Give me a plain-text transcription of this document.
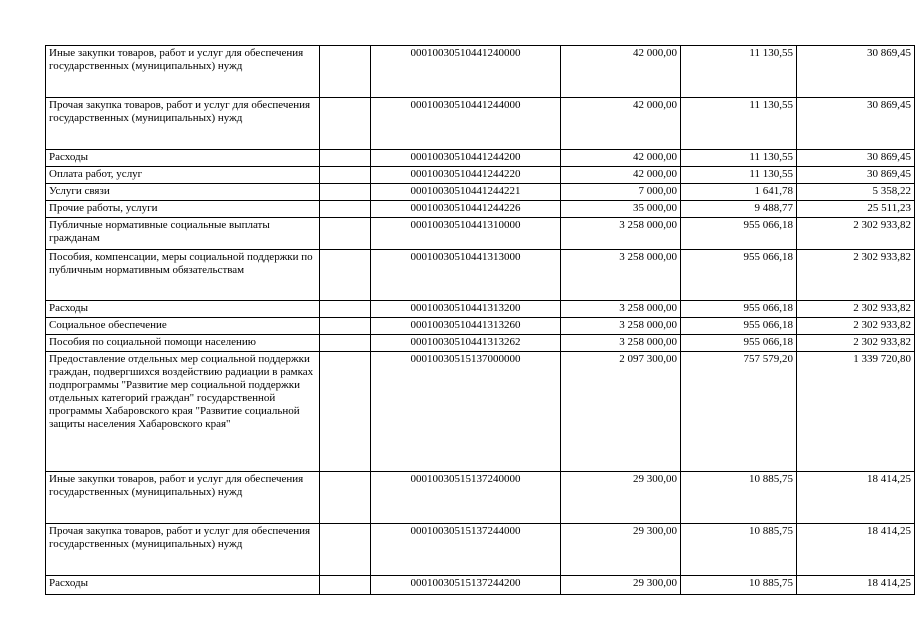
Иные закупки товаров, работ и услуг для обеспечения государственных (муниципальных) нужд		00010030510441240000	42 000,00	11 130,55	30 869,45
Прочая закупка товаров, работ и услуг для обеспечения государственных (муниципальных) нужд		00010030510441244000	42 000,00	11 130,55	30 869,45
Расходы		00010030510441244200	42 000,00	11 130,55	30 869,45
Оплата работ, услуг		00010030510441244220	42 000,00	11 130,55	30 869,45
Услуги связи		00010030510441244221	7 000,00	1 641,78	5 358,22
Прочие работы, услуги		00010030510441244226	35 000,00	9 488,77	25 511,23
Публичные нормативные социальные выплаты гражданам		00010030510441310000	3 258 000,00	955 066,18	2 302 933,82
Пособия, компенсации, меры социальной поддержки по публичным нормативным обязательствам		00010030510441313000	3 258 000,00	955 066,18	2 302 933,82
Расходы		00010030510441313200	3 258 000,00	955 066,18	2 302 933,82
Социальное обеспечение		00010030510441313260	3 258 000,00	955 066,18	2 302 933,82
Пособия по социальной помощи населению		00010030510441313262	3 258 000,00	955 066,18	2 302 933,82
Предоставление отдельных мер социальной поддержки граждан, подвергшихся воздействию радиации в рамках подпрограммы "Развитие мер социальной поддержки отдельных категорий граждан" государственной программы Хабаровского края "Развитие социальной защиты населения Хабаровского края"		00010030515137000000	2 097 300,00	757 579,20	1 339 720,80
Иные закупки товаров, работ и услуг для обеспечения государственных (муниципальных) нужд		00010030515137240000	29 300,00	10 885,75	18 414,25
Прочая закупка товаров, работ и услуг для обеспечения государственных (муниципальных) нужд		00010030515137244000	29 300,00	10 885,75	18 414,25
Расходы		00010030515137244200	29 300,00	10 885,75	18 414,25
